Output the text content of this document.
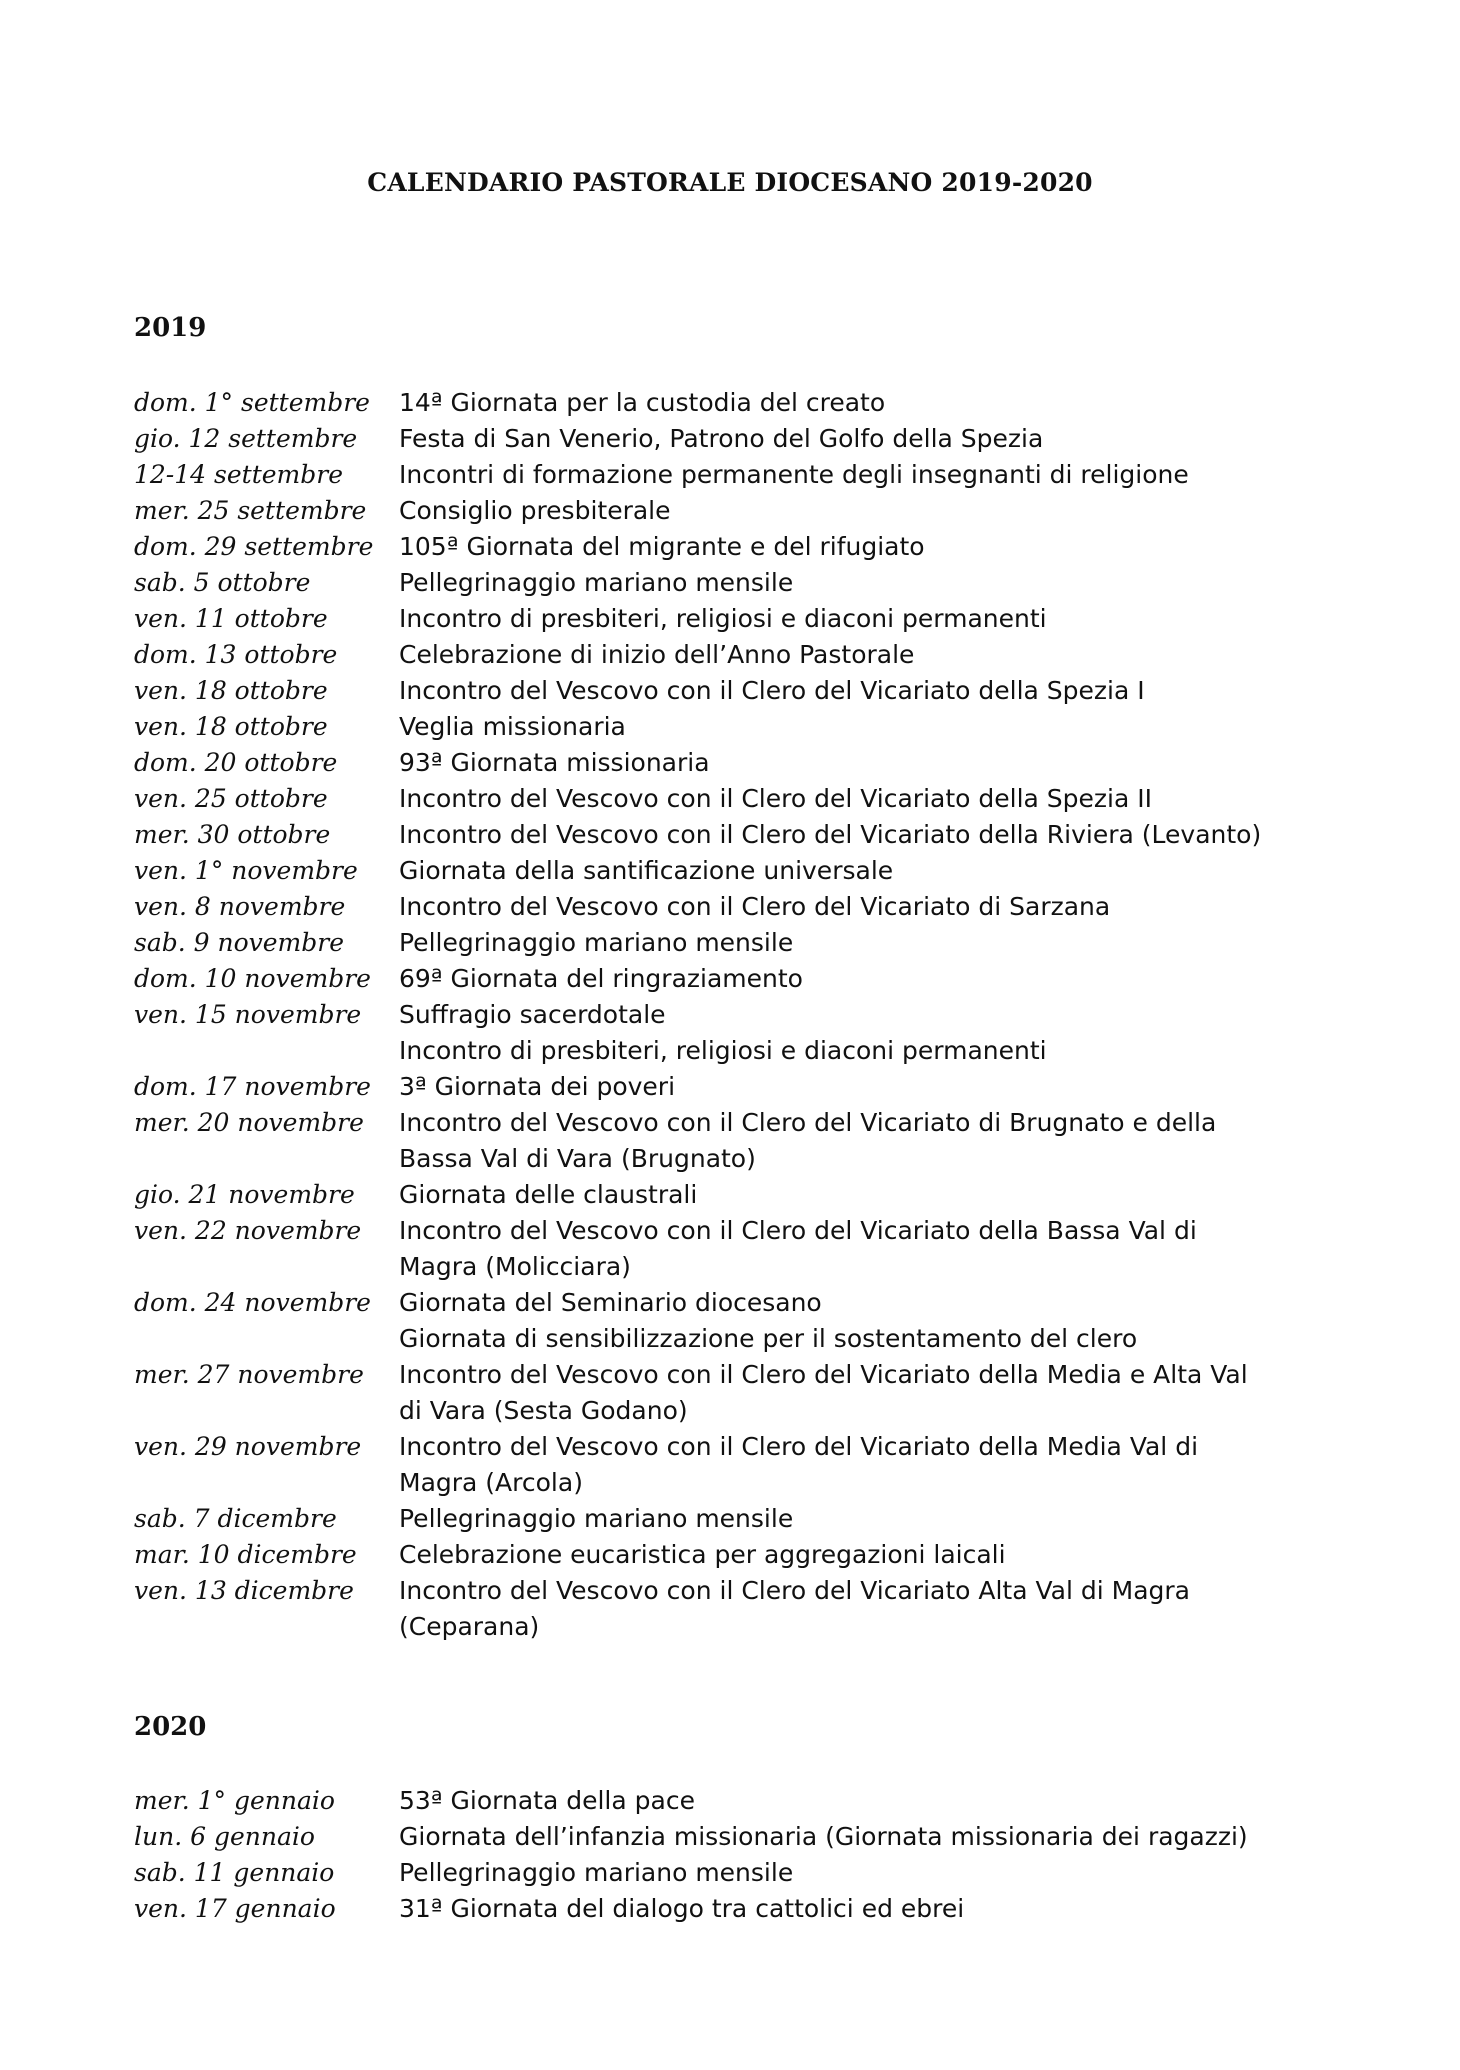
CALENDARIO PASTORALE DIOCESANO 2019-2020
2019
dom. 1° settembre	14ª Giornata per la custodia del creato
gio. 12 settembre	Festa di San Venerio, Patrono del Golfo della Spezia
12-14 settembre	Incontri di formazione permanente degli insegnanti di religione
mer. 25 settembre	Consiglio presbiterale
dom. 29 settembre	105ª Giornata del migrante e del rifugiato
sab. 5 ottobre	Pellegrinaggio mariano mensile
ven. 11 ottobre	Incontro di presbiteri, religiosi e diaconi permanenti
dom. 13 ottobre	Celebrazione di inizio dell’Anno Pastorale
ven. 18 ottobre	Incontro del Vescovo con il Clero del Vicariato della Spezia I
ven. 18 ottobre	Veglia missionaria
dom. 20 ottobre	93ª Giornata missionaria
ven. 25 ottobre	Incontro del Vescovo con il Clero del Vicariato della Spezia II
mer. 30 ottobre	Incontro del Vescovo con il Clero del Vicariato della Riviera (Levanto)
ven. 1° novembre	Giornata della santificazione universale
ven. 8 novembre	Incontro del Vescovo con il Clero del Vicariato di Sarzana
sab. 9 novembre	Pellegrinaggio mariano mensile
dom. 10 novembre	69ª Giornata del ringraziamento
ven. 15 novembre	Suffragio sacerdotale
Incontro di presbiteri, religiosi e diaconi permanenti
dom. 17 novembre	3ª Giornata dei poveri
mer. 20 novembre	Incontro del Vescovo con il Clero del Vicariato di Brugnato e della
Bassa Val di Vara (Brugnato)
gio. 21 novembre	Giornata delle claustrali
ven. 22 novembre	Incontro del Vescovo con il Clero del Vicariato della Bassa Val di
Magra (Molicciara)
dom. 24 novembre	Giornata del Seminario diocesano
Giornata di sensibilizzazione per il sostentamento del clero
mer. 27 novembre	Incontro del Vescovo con il Clero del Vicariato della Media e Alta Val
di Vara (Sesta Godano)
ven. 29 novembre	Incontro del Vescovo con il Clero del Vicariato della Media Val di
Magra (Arcola)
sab. 7 dicembre	Pellegrinaggio mariano mensile
mar. 10 dicembre	Celebrazione eucaristica per aggregazioni laicali
ven. 13 dicembre	Incontro del Vescovo con il Clero del Vicariato Alta Val di Magra
(Ceparana)
2020
mer. 1° gennaio	53ª Giornata della pace
lun. 6 gennaio	Giornata dell’infanzia missionaria (Giornata missionaria dei ragazzi)
sab. 11 gennaio	Pellegrinaggio mariano mensile
ven. 17 gennaio	31ª Giornata del dialogo tra cattolici ed ebrei
